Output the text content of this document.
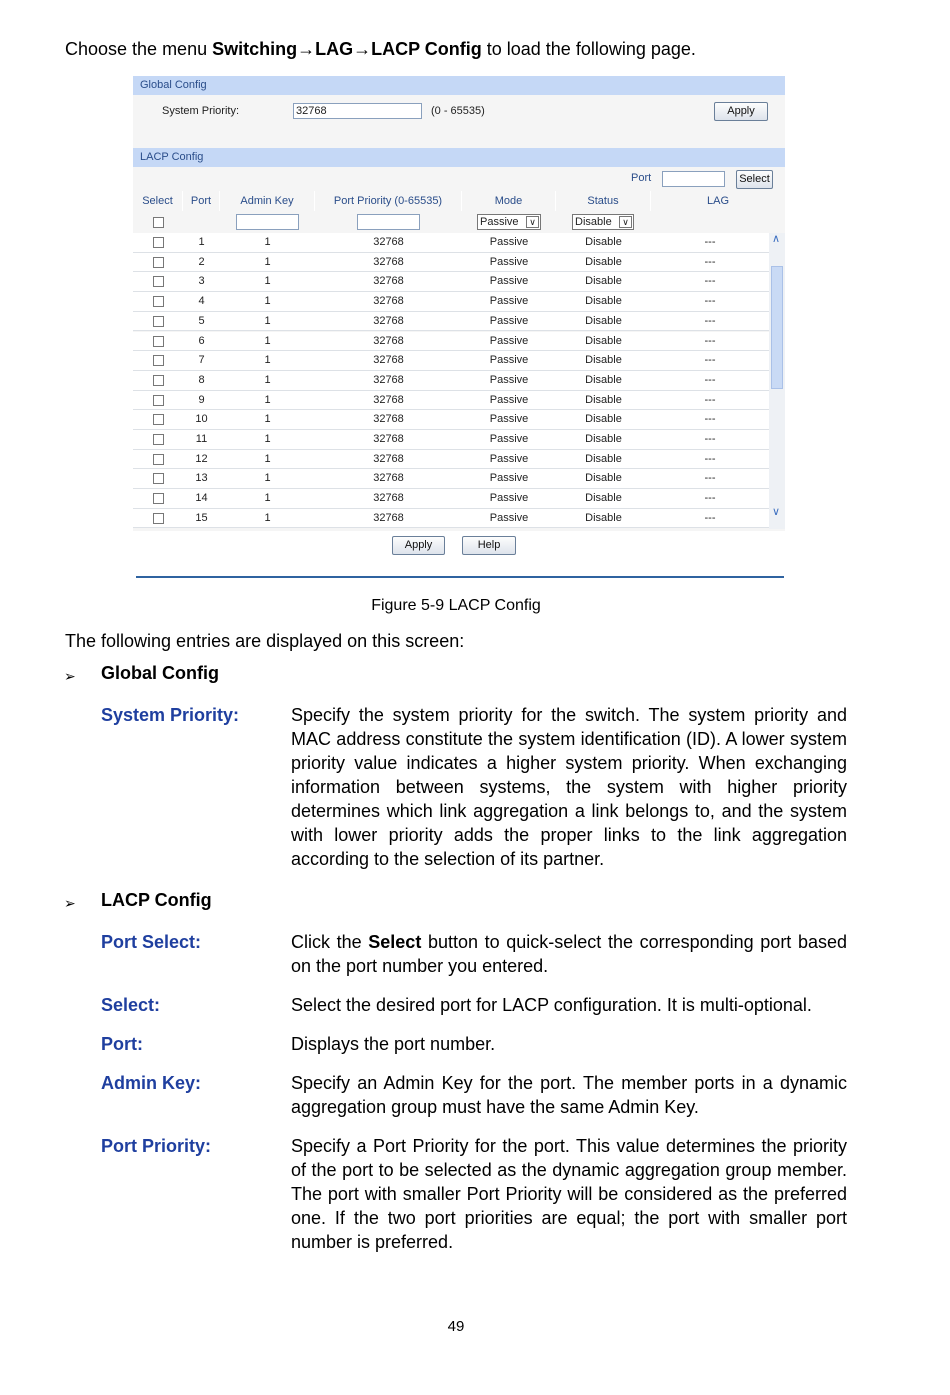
Choose the menu Switching→LAG→LACP Config to load the following page.
Global Config
System Priority:	32768	(0 - 65535)	Apply
LACP Config
Port	Select
Select	Port	Admin Key	Port Priority (0-65535)	Mode	Status	LAG
Passive	∨	Disable	∨
1	1	32768	Passive	Disable	---
2	1	32768	Passive	Disable	---
3	1	32768	Passive	Disable	---
4	1	32768	Passive	Disable	---
5	1	32768	Passive	Disable	---
6	1	32768	Passive	Disable	---
7	1	32768	Passive	Disable	---
8	1	32768	Passive	Disable	---
9	1	32768	Passive	Disable	---
10	1	32768	Passive	Disable	---
11	1	32768	Passive	Disable	---
12	1	32768	Passive	Disable	---
13	1	32768	Passive	Disable	---
14	1	32768	Passive	Disable	---
15	1	32768	Passive	Disable	---
∧
∨
Apply	Help
Figure 5-9 LACP Config
The following entries are displayed on this screen:
➢ Global Config
System Priority:	Specify the system priority for the switch. The system priority and MAC address constitute the system identification (ID). A lower system priority value indicates a higher system priority. When exchanging information between systems, the system with higher priority determines which link aggregation a link belongs to, and the system with lower priority adds the proper links to the link aggregation according to the selection of its partner.
➢ LACP Config
Port Select:	Click the Select button to quick-select the corresponding port based on the port number you entered.
Select:	Select the desired port for LACP configuration. It is multi-optional.
Port:	Displays the port number.
Admin Key:	Specify an Admin Key for the port. The member ports in a dynamic aggregation group must have the same Admin Key.
Port Priority:	Specify a Port Priority for the port. This value determines the priority of the port to be selected as the dynamic aggregation group member. The port with smaller Port Priority will be considered as the preferred one. If the two port priorities are equal; the port with smaller port number is preferred.
49
